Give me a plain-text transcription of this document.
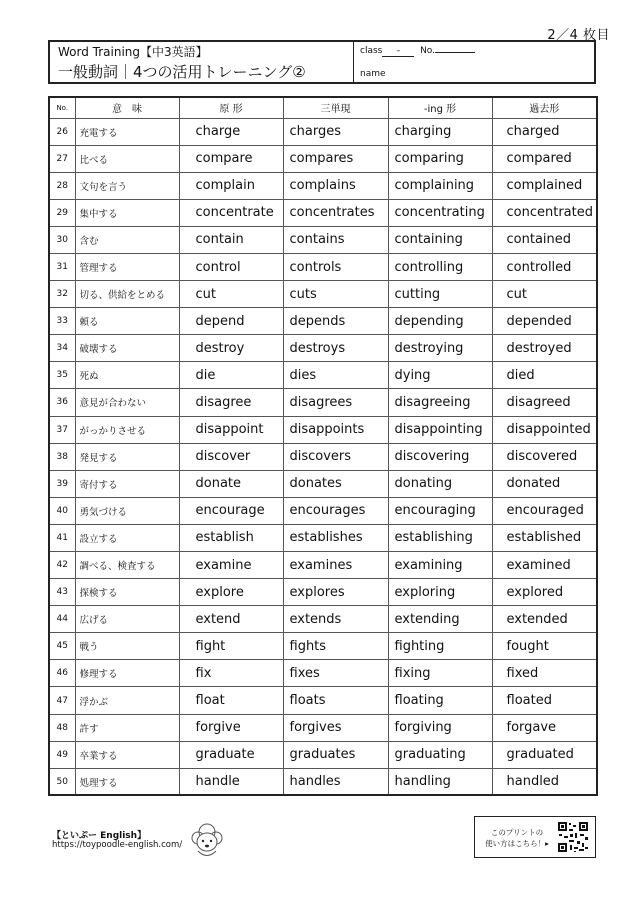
2／4 枚目
Word Training【中3英語】
一般動詞｜4つの活用トレーニング②
class - No.
name
No.	意　味	原 形	三単現	-ing 形	過去形
26	充電する	charge	charges	charging	charged
27	比べる	compare	compares	comparing	compared
28	文句を言う	complain	complains	complaining	complained
29	集中する	concentrate	concentrates	concentrating	concentrated
30	含む	contain	contains	containing	contained
31	管理する	control	controls	controlling	controlled
32	切る、供給をとめる	cut	cuts	cutting	cut
33	頼る	depend	depends	depending	depended
34	破壊する	destroy	destroys	destroying	destroyed
35	死ぬ	die	dies	dying	died
36	意見が合わない	disagree	disagrees	disagreeing	disagreed
37	がっかりさせる	disappoint	disappoints	disappointing	disappointed
38	発見する	discover	discovers	discovering	discovered
39	寄付する	donate	donates	donating	donated
40	勇気づける	encourage	encourages	encouraging	encouraged
41	設立する	establish	establishes	establishing	established
42	調べる、検査する	examine	examines	examining	examined
43	探検する	explore	explores	exploring	explored
44	広げる	extend	extends	extending	extended
45	戦う	fight	fights	fighting	fought
46	修理する	fix	fixes	fixing	fixed
47	浮かぶ	float	floats	floating	floated
48	許す	forgive	forgives	forgiving	forgave
49	卒業する	graduate	graduates	graduating	graduated
50	処理する	handle	handles	handling	handled
【といぷー English】
https://toypoodle-english.com/
このプリントの
使い方はこちら！▸
